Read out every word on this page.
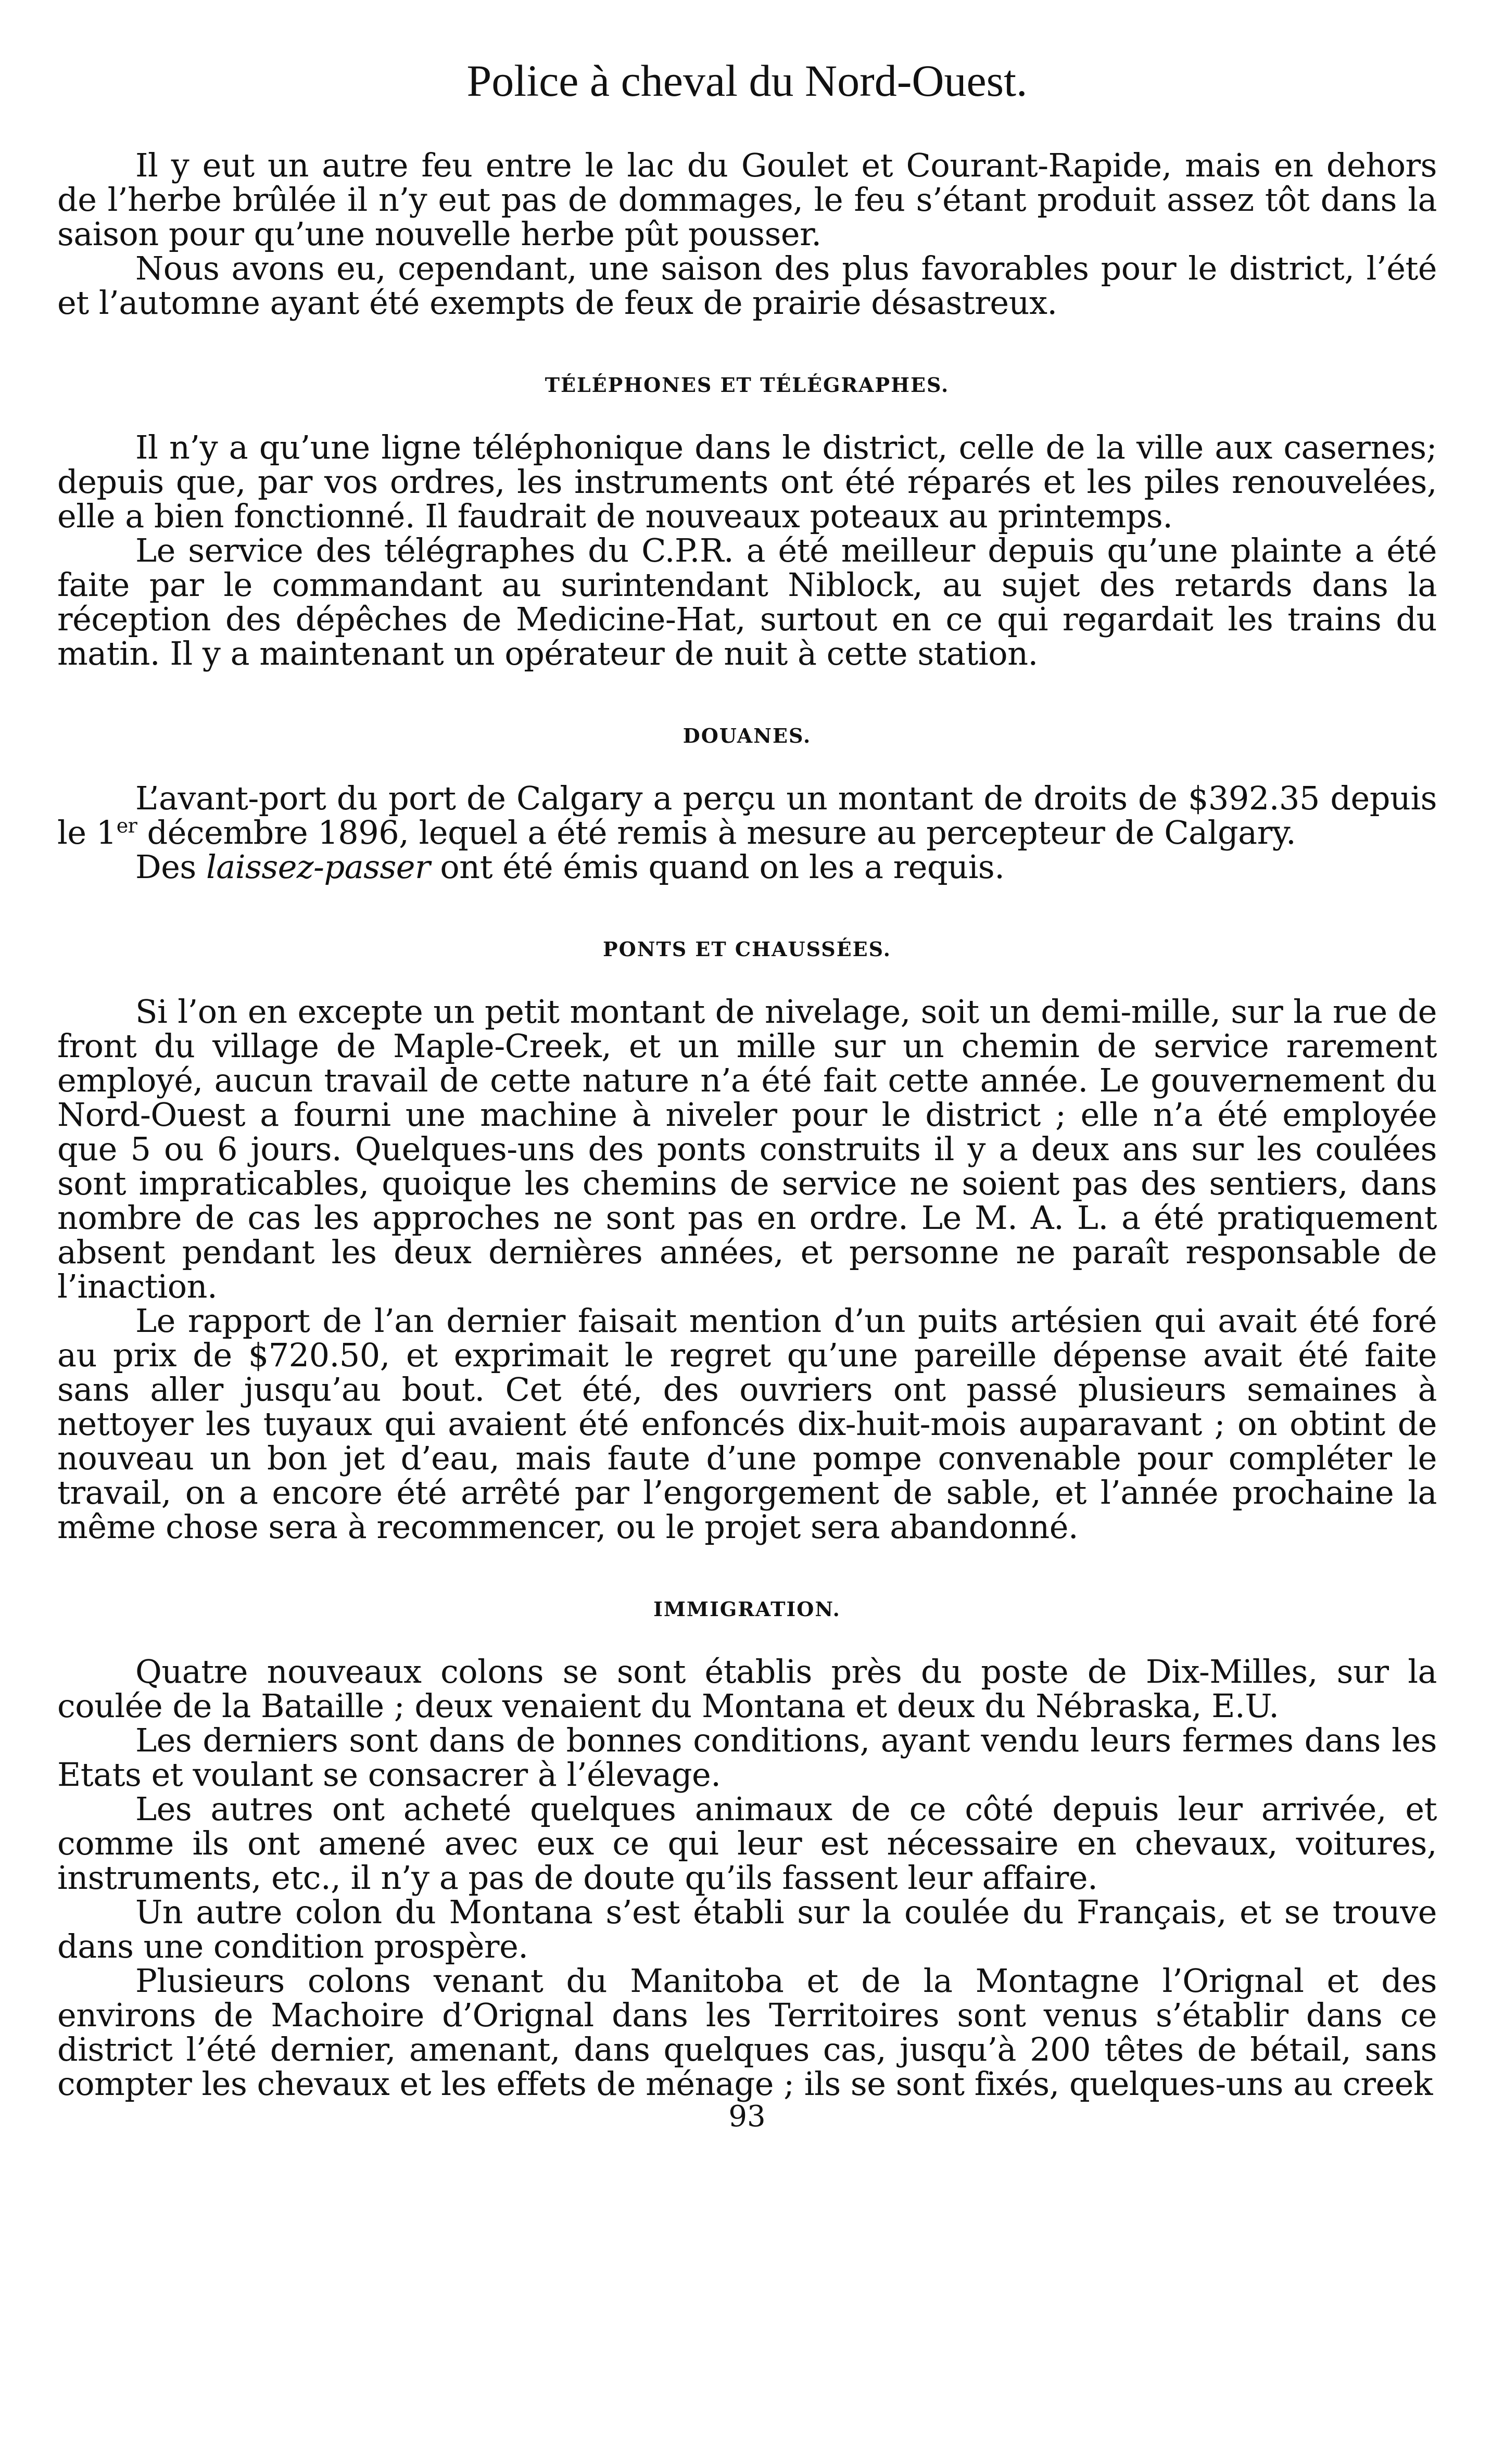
Police à cheval du Nord-Ouest.

Il y eut un autre feu entre le lac du Goulet et Courant-Rapide, mais en dehors de l’herbe brûlée il n’y eut pas de dommages, le feu s’étant produit assez tôt dans la saison pour qu’une nouvelle herbe pût pousser.

Nous avons eu, cependant, une saison des plus favorables pour le district, l’été et l’automne ayant été exempts de feux de prairie désastreux.

TÉLÉPHONES ET TÉLÉGRAPHES.

Il n’y a qu’une ligne téléphonique dans le district, celle de la ville aux casernes; depuis que, par vos ordres, les instruments ont été réparés et les piles renouvelées, elle a bien fonctionné. Il faudrait de nouveaux poteaux au printemps.

Le service des télégraphes du C.P.R. a été meilleur depuis qu’une plainte a été faite par le commandant au surintendant Niblock, au sujet des retards dans la réception des dépêches de Medicine-Hat, surtout en ce qui regardait les trains du matin. Il y a maintenant un opérateur de nuit à cette station.

DOUANES.

L’avant-port du port de Calgary a perçu un montant de droits de $392.35 depuis le 1er décembre 1896, lequel a été remis à mesure au percepteur de Calgary.

Des laissez-passer ont été émis quand on les a requis.

PONTS ET CHAUSSÉES.

Si l’on en excepte un petit montant de nivelage, soit un demi-mille, sur la rue de front du village de Maple-Creek, et un mille sur un chemin de service rarement employé, aucun travail de cette nature n’a été fait cette année. Le gouvernement du Nord-Ouest a fourni une machine à niveler pour le district ; elle n’a été employée que 5 ou 6 jours. Quelques-uns des ponts construits il y a deux ans sur les coulées sont impraticables, quoique les chemins de service ne soient pas des sentiers, dans nombre de cas les approches ne sont pas en ordre. Le M. A. L. a été pratiquement absent pendant les deux dernières années, et personne ne paraît responsable de l’inaction.

Le rapport de l’an dernier faisait mention d’un puits artésien qui avait été foré au prix de $720.50, et exprimait le regret qu’une pareille dépense avait été faite sans aller jusqu’au bout. Cet été, des ouvriers ont passé plusieurs semaines à nettoyer les tuyaux qui avaient été enfoncés dix-huit-mois auparavant ; on obtint de nouveau un bon jet d’eau, mais faute d’une pompe convenable pour compléter le travail, on a encore été arrêté par l’engorgement de sable, et l’année prochaine la même chose sera à recommencer, ou le projet sera abandonné.

IMMIGRATION.

Quatre nouveaux colons se sont établis près du poste de Dix-Milles, sur la coulée de la Bataille ; deux venaient du Montana et deux du Nébraska, E.U.

Les derniers sont dans de bonnes conditions, ayant vendu leurs fermes dans les Etats et voulant se consacrer à l’élevage.

Les autres ont acheté quelques animaux de ce côté depuis leur arrivée, et comme ils ont amené avec eux ce qui leur est nécessaire en chevaux, voitures, instruments, etc., il n’y a pas de doute qu’ils fassent leur affaire.

Un autre colon du Montana s’est établi sur la coulée du Français, et se trouve dans une condition prospère.

Plusieurs colons venant du Manitoba et de la Montagne l’Orignal et des environs de Machoire d’Orignal dans les Territoires sont venus s’établir dans ce district l’été dernier, amenant, dans quelques cas, jusqu’à 200 têtes de bétail, sans compter les chevaux et les effets de ménage ; ils se sont fixés, quelques-uns au creek

93
